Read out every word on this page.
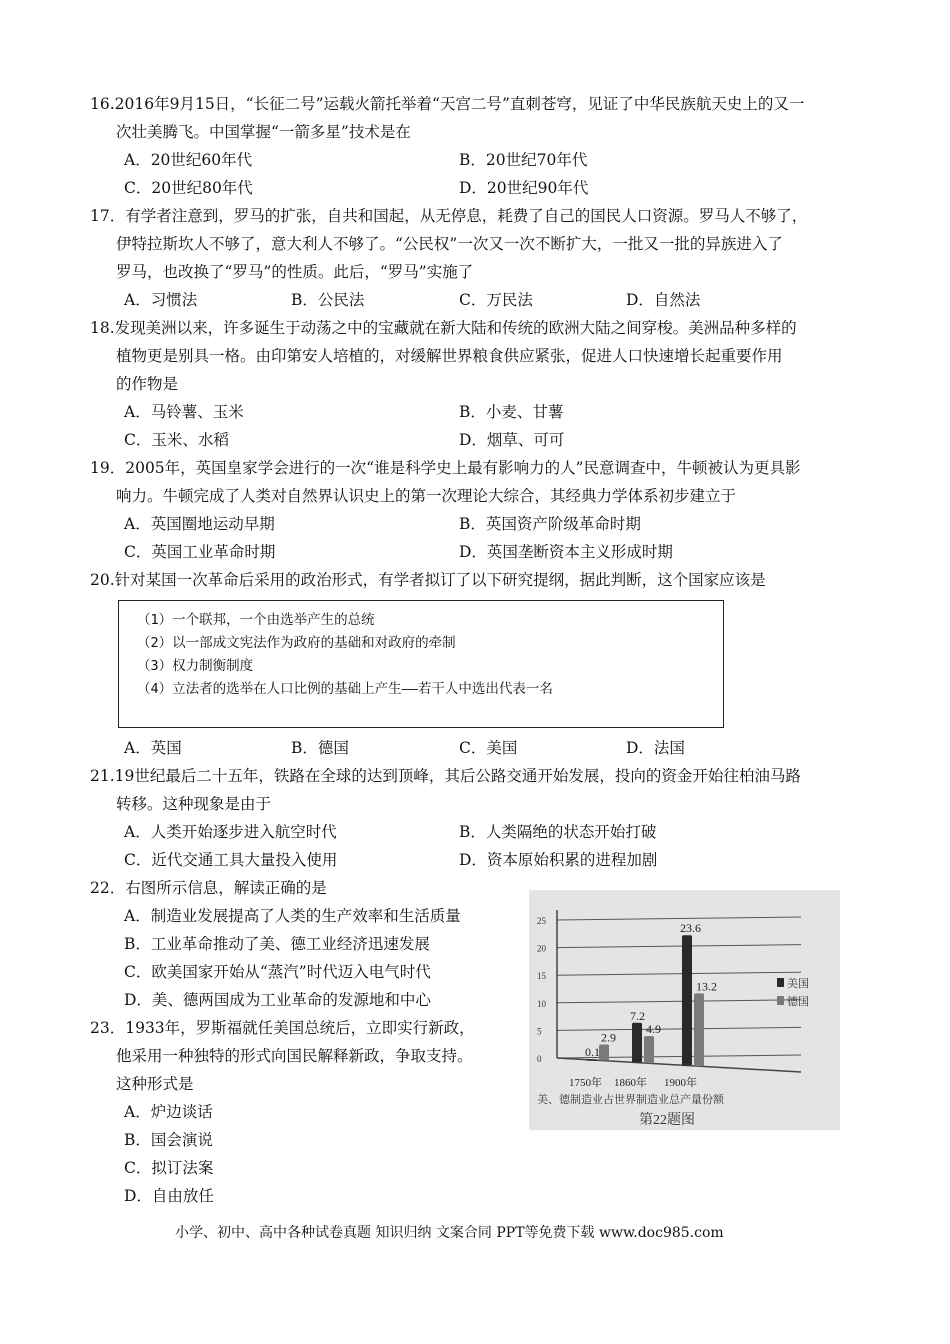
16.2016年9月15日，“长征二号”运载火箭托举着“天宫二号”直刺苍穹，见证了中华民族航天史上的又一
次壮美腾飞。中国掌握“一箭多星”技术是在
A．20世纪60年代	B．20世纪70年代
C．20世纪80年代	D．20世纪90年代
17．有学者注意到，罗马的扩张，自共和国起，从无停息，耗费了自己的国民人口资源。罗马人不够了，
伊特拉斯坎人不够了，意大利人不够了。“公民权”一次又一次不断扩大，一批又一批的异族进入了
罗马，也改换了“罗马”的性质。此后，“罗马”实施了
A．习惯法	B．公民法	C．万民法	D．自然法
18.发现美洲以来，许多诞生于动荡之中的宝藏就在新大陆和传统的欧洲大陆之间穿梭。美洲品种多样的
植物更是别具一格。由印第安人培植的，对缓解世界粮食供应紧张，促进人口快速增长起重要作用
的作物是
A．马铃薯、玉米	B．小麦、甘薯
C．玉米、水稻	D．烟草、可可
19．2005年，英国皇家学会进行的一次“谁是科学史上最有影响力的人”民意调查中，牛顿被认为更具影
响力。牛顿完成了人类对自然界认识史上的第一次理论大综合，其经典力学体系初步建立于
A．英国圈地运动早期	B．英国资产阶级革命时期
C．英国工业革命时期	D．英国垄断资本主义形成时期
20.针对某国一次革命后采用的政治形式，有学者拟订了以下研究提纲，据此判断，这个国家应该是
（1）一个联邦，一个由选举产生的总统
（2）以一部成文宪法作为政府的基础和对政府的牵制
（3）权力制衡制度
（4）立法者的选举在人口比例的基础上产生——若干人中选出代表一名
A．英国	B．德国	C．美国	D．法国
21.19世纪最后二十五年，铁路在全球的达到顶峰，其后公路交通开始发展，投向的资金开始往柏油马路
转移。这种现象是由于
A．人类开始逐步进入航空时代	B．人类隔绝的状态开始打破
C．近代交通工具大量投入使用	D．资本原始积累的进程加剧
22．右图所示信息，解读正确的是
A．制造业发展提高了人类的生产效率和生活质量
B．工业革命推动了美、德工业经济迅速发展
C．欧美国家开始从“蒸汽”时代迈入电气时代
D．美、德两国成为工业革命的发源地和中心
23．1933年，罗斯福就任美国总统后，立即实行新政，
他采用一种独特的形式向国民解释新政，争取支持。
这种形式是
A．炉边谈话
B．国会演说
C．拟订法案
D．自由放任
0
5
10
15
20
25
0.1
2.9
1750年
7.2
4.9
1860年
23.6
13.2
1900年
美国
德国
美、德制造业占世界制造业总产量份额
第22题图
小学、初中、高中各种试卷真题 知识归纳 文案合同 PPT等免费下载 www.doc985.com
